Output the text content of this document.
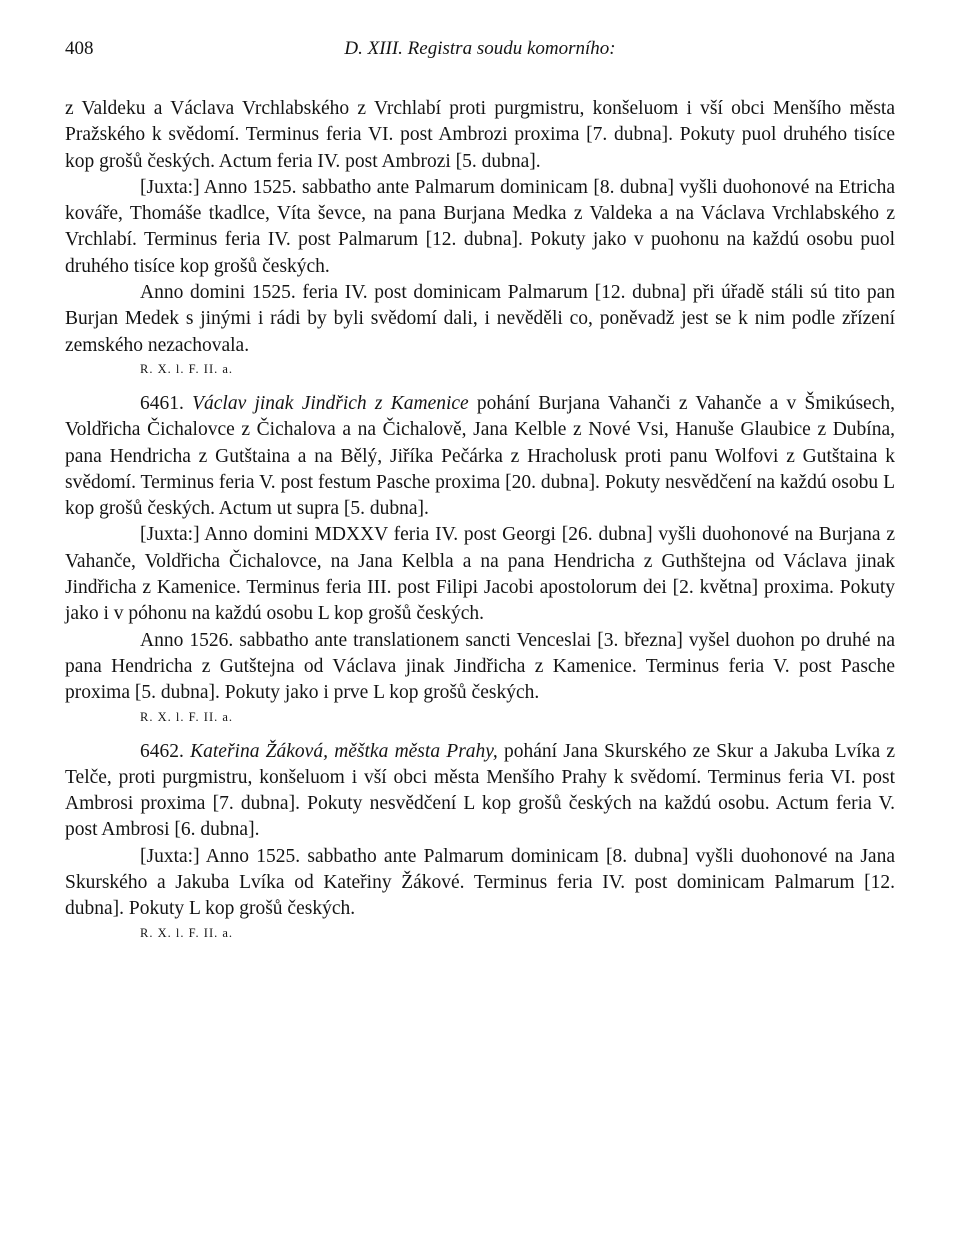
408	D. XIII. Registra soudu komorního:

z Valdeku a Václava Vrchlabského z Vrchlabí proti purgmistru, konšeluom i vší obci Menšího města Pražského k svědomí. Terminus feria VI. post Ambrozi proxima [7. dubna]. Pokuty puol druhého tisíce kop grošů českých. Actum feria IV. post Ambrozi [5. dubna].

[Juxta:] Anno 1525. sabbatho ante Palmarum dominicam [8. dubna] vyšli duohonové na Etricha kováře, Thomáše tkadlce, Víta ševce, na pana Burjana Medka z Valdeka a na Václava Vrchlabského z Vrchlabí. Terminus feria IV. post Palmarum [12. dubna]. Pokuty jako v puohonu na každú osobu puol druhého tisíce kop grošů českých.

Anno domini 1525. feria IV. post dominicam Palmarum [12. dubna] při úřadě stáli sú tito pan Burjan Medek s jinými i rádi by byli svědomí dali, i nevěděli co, poněvadž jest se k nim podle zřízení zemského nezachovala.

R. X. l. F. II. a.

6461. Václav jinak Jindřich z Kamenice pohání Burjana Vahanči z Vahanče a v Šmikúsech, Voldřicha Čichalovce z Čichalova a na Čichalově, Jana Kelble z Nové Vsi, Hanuše Glaubice z Dubína, pana Hendricha z Gutštaina a na Bělý, Jiříka Pečárka z Hracholusk proti panu Wolfovi z Gutštaina k svědomí. Terminus feria V. post festum Pasche proxima [20. dubna]. Pokuty nesvědčení na každú osobu L kop grošů českých. Actum ut supra [5. dubna].

[Juxta:] Anno domini MDXXV feria IV. post Georgi [26. dubna] vyšli duohonové na Burjana z Vahanče, Voldřicha Čichalovce, na Jana Kelbla a na pana Hendricha z Guthštejna od Václava jinak Jindřicha z Kamenice. Terminus feria III. post Filipi Jacobi apostolorum dei [2. května] proxima. Pokuty jako i v póhonu na každú osobu L kop grošů českých.

Anno 1526. sabbatho ante translationem sancti Venceslai [3. března] vyšel duohon po druhé na pana Hendricha z Gutštejna od Václava jinak Jindřicha z Kamenice. Terminus feria V. post Pasche proxima [5. dubna]. Pokuty jako i prve L kop grošů českých.

R. X. l. F. II. a.

6462. Kateřina Žáková, měštka města Prahy, pohání Jana Skurského ze Skur a Jakuba Lvíka z Telče, proti purgmistru, konšeluom i vší obci města Menšího Prahy k svědomí. Terminus feria VI. post Ambrosi proxima [7. dubna]. Pokuty nesvědčení L kop grošů českých na každú osobu. Actum feria V. post Ambrosi [6. dubna].

[Juxta:] Anno 1525. sabbatho ante Palmarum dominicam [8. dubna] vyšli duohonové na Jana Skurského a Jakuba Lvíka od Kateřiny Žákové. Terminus feria IV. post dominicam Palmarum [12. dubna]. Pokuty L kop grošů českých.

R. X. l. F. II. a.
